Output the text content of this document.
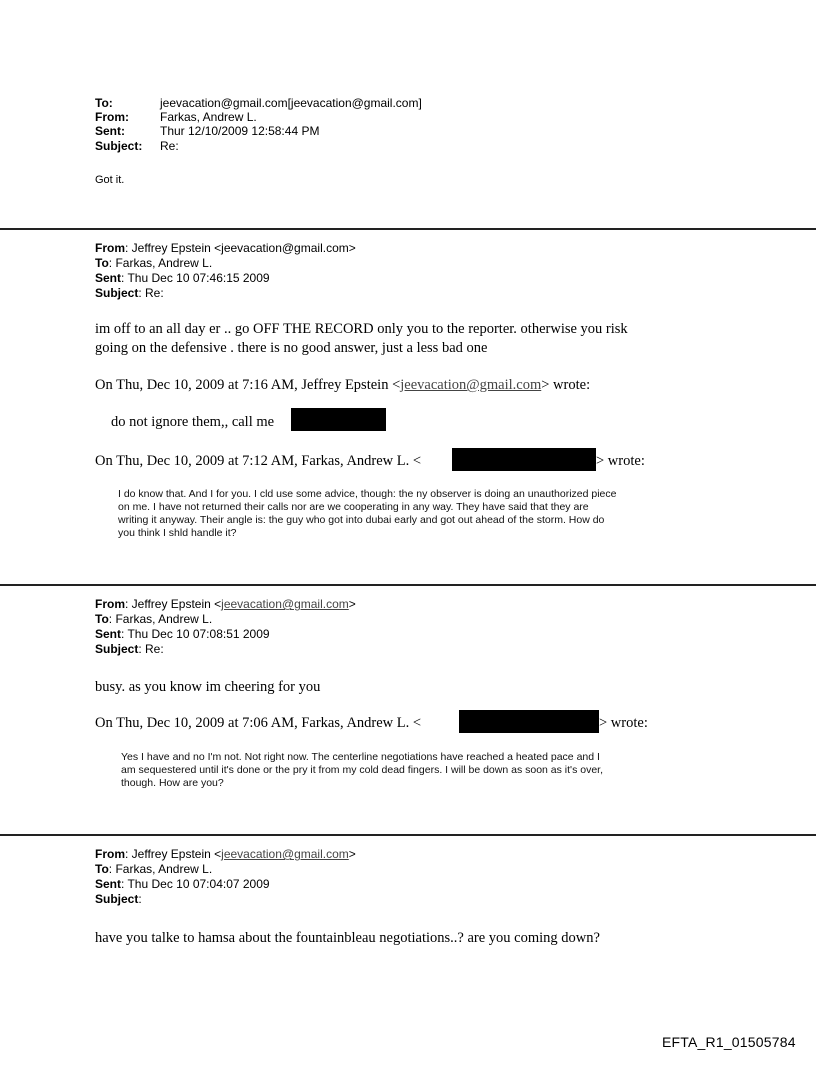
To:	jeevacation@gmail.com[jeevacation@gmail.com]
From:	Farkas, Andrew L.
Sent:	Thur 12/10/2009 12:58:44 PM
Subject: Re:
Got it.
From: Jeffrey Epstein <jeevacation@gmail.com>
To: Farkas, Andrew L.
Sent: Thu Dec 10 07:46:15 2009
Subject: Re:
im off to an all day er .. go OFF THE RECORD only you to the reporter. otherwise you risk
going on the defensive . there is no good answer, just a less bad one
On Thu, Dec 10, 2009 at 7:16 AM, Jeffrey Epstein <jeevacation@gmail.com> wrote:
do not ignore them,, call me
On Thu, Dec 10, 2009 at 7:12 AM, Farkas, Andrew L. <	> wrote:
I do know that. And I for you. I cld use some advice, though: the ny observer is doing an unauthorized piece
on me. I have not returned their calls nor are we cooperating in any way. They have said that they are
writing it anyway. Their angle is: the guy who got into dubai early and got out ahead of the storm. How do
you think I shld handle it?
From: Jeffrey Epstein <jeevacation@gmail.com>
To: Farkas, Andrew L.
Sent: Thu Dec 10 07:08:51 2009
Subject: Re:
busy. as you know im cheering for you
On Thu, Dec 10, 2009 at 7:06 AM, Farkas, Andrew L. <	> wrote:
Yes I have and no I'm not. Not right now. The centerline negotiations have reached a heated pace and I
am sequestered until it's done or the pry it from my cold dead fingers. I will be down as soon as it's over,
though. How are you?
From: Jeffrey Epstein <jeevacation@gmail.com>
To: Farkas, Andrew L.
Sent: Thu Dec 10 07:04:07 2009
Subject:
have you talke to hamsa about the fountainbleau negotiations..? are you coming down?
EFTA_R1_01505784
